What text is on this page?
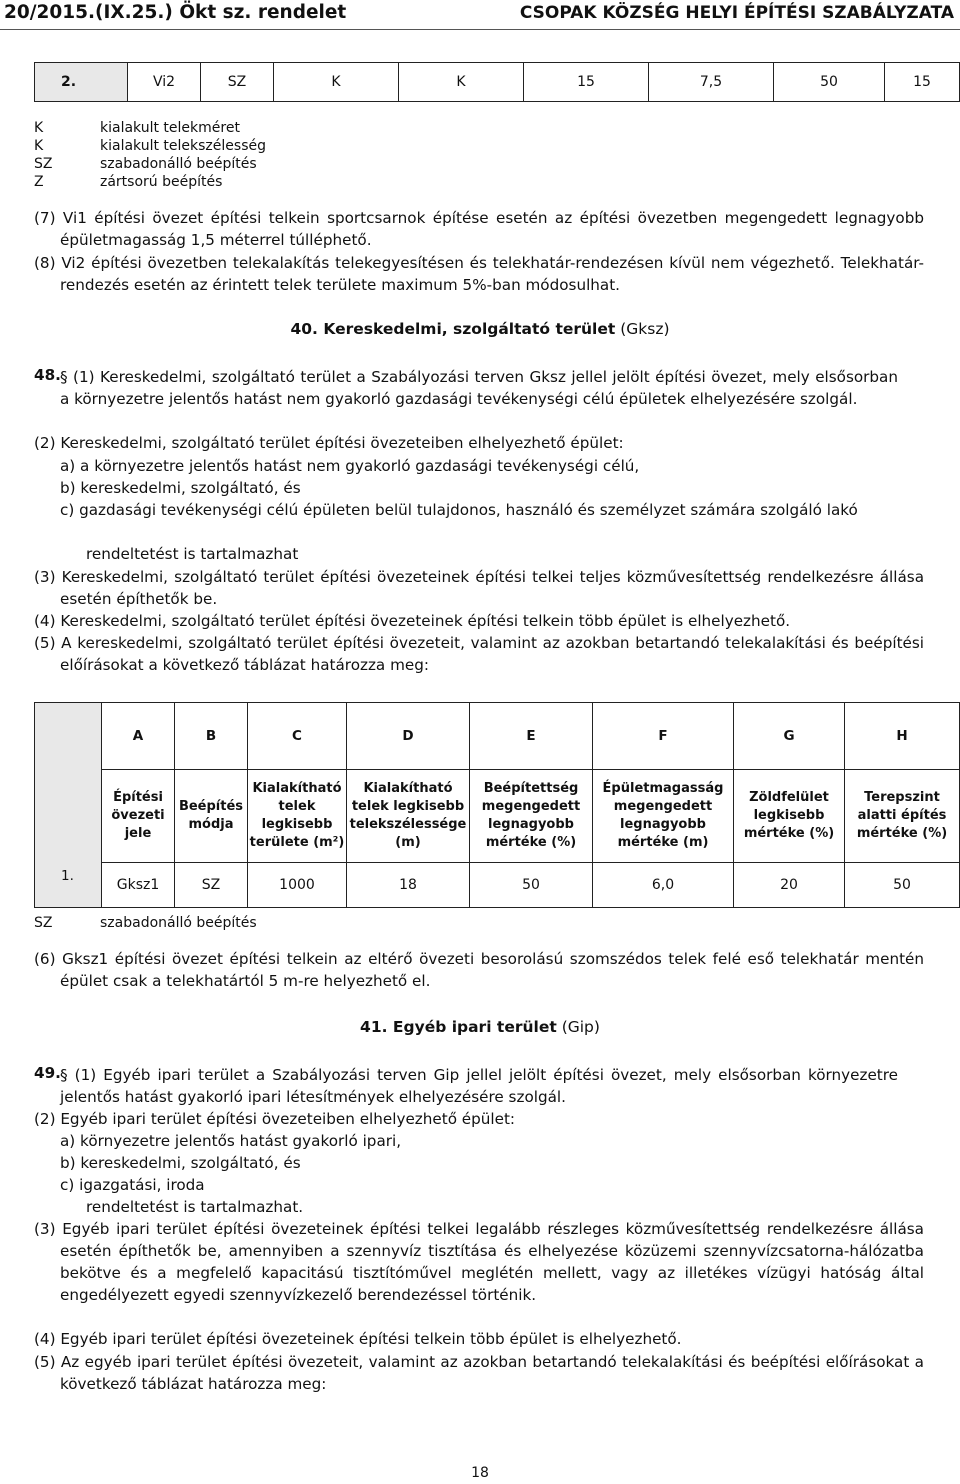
20/2015.(IX.25.) Ökt sz. rendelet	CSOPAK KÖZSÉG HELYI ÉPÍTÉSI SZABÁLYZATA
2.	Vi2	SZ	K	K	15	7,5	50	15
K	kialakult telekméret
K	kialakult telekszélesség
SZ	szabadonálló beépítés
Z	zártsorú beépítés
(7) Vi1 építési övezet építési telkein sportcsarnok építése esetén az építési övezetben megengedett legnagyobb épületmagasság 1,5 méterrel túlléphető.
(8) Vi2 építési övezetben telekalakítás telekegyesítésen és telekhatár-rendezésen kívül nem végezhető. Telekhatár-rendezés esetén az érintett telek területe maximum 5%-ban módosulhat.
40. Kereskedelmi, szolgáltató terület (Gksz)
48. § (1) Kereskedelmi, szolgáltató terület a Szabályozási terven Gksz jellel jelölt építési övezet, mely elsősorban a környezetre jelentős hatást nem gyakorló gazdasági tevékenységi célú épületek elhelyezésére szolgál.
(2) Kereskedelmi, szolgáltató terület építési övezeteiben elhelyezhető épület:
a) a környezetre jelentős hatást nem gyakorló gazdasági tevékenységi célú,
b) kereskedelmi, szolgáltató, és
c) gazdasági tevékenységi célú épületen belül tulajdonos, használó és személyzet számára szolgáló lakó
rendeltetést is tartalmazhat
(3) Kereskedelmi, szolgáltató terület építési övezeteinek építési telkei teljes közművesítettség rendelkezésre állása esetén építhetők be.
(4) Kereskedelmi, szolgáltató terület építési övezeteinek építési telkein több épület is elhelyezhető.
(5) A kereskedelmi, szolgáltató terület építési övezeteit, valamint az azokban betartandó telekalakítási és beépítési előírásokat a következő táblázat határozza meg:
1.	A	B	C	D	E	F	G	H
	Építési övezeti jele	Beépítés módja	Kialakítható telek legkisebb területe (m²)	Kialakítható telek legkisebb telekszélessége (m)	Beépítettség megengedett legnagyobb mértéke (%)	Épületmagasság megengedett legnagyobb mértéke (m)	Zöldfelület legkisebb mértéke (%)	Terepszint alatti építés mértéke (%)
	Gksz1	SZ	1000	18	50	6,0	20	50
SZ	szabadonálló beépítés
(6) Gksz1 építési övezet építési telkein az eltérő övezeti besorolású szomszédos telek felé eső telekhatár mentén épület csak a telekhatártól 5 m-re helyezhető el.
41. Egyéb ipari terület (Gip)
49. § (1) Egyéb ipari terület a Szabályozási terven Gip jellel jelölt építési övezet, mely elsősorban környezetre jelentős hatást gyakorló ipari létesítmények elhelyezésére szolgál.
(2) Egyéb ipari terület építési övezeteiben elhelyezhető épület:
a) környezetre jelentős hatást gyakorló ipari,
b) kereskedelmi, szolgáltató, és
c) igazgatási, iroda
rendeltetést is tartalmazhat.
(3) Egyéb ipari terület építési övezeteinek építési telkei legalább részleges közművesítettség rendelkezésre állása esetén építhetők be, amennyiben a szennyvíz tisztítása és elhelyezése közüzemi szennyvízcsatorna-hálózatba bekötve és a megfelelő kapacitású tisztítóművel meglétén mellett, vagy az illetékes vízügyi hatóság által engedélyezett egyedi szennyvízkezelő berendezéssel történik.
(4) Egyéb ipari terület építési övezeteinek építési telkein több épület is elhelyezhető.
(5) Az egyéb ipari terület építési övezeteit, valamint az azokban betartandó telekalakítási és beépítési előírásokat a következő táblázat határozza meg:
18
